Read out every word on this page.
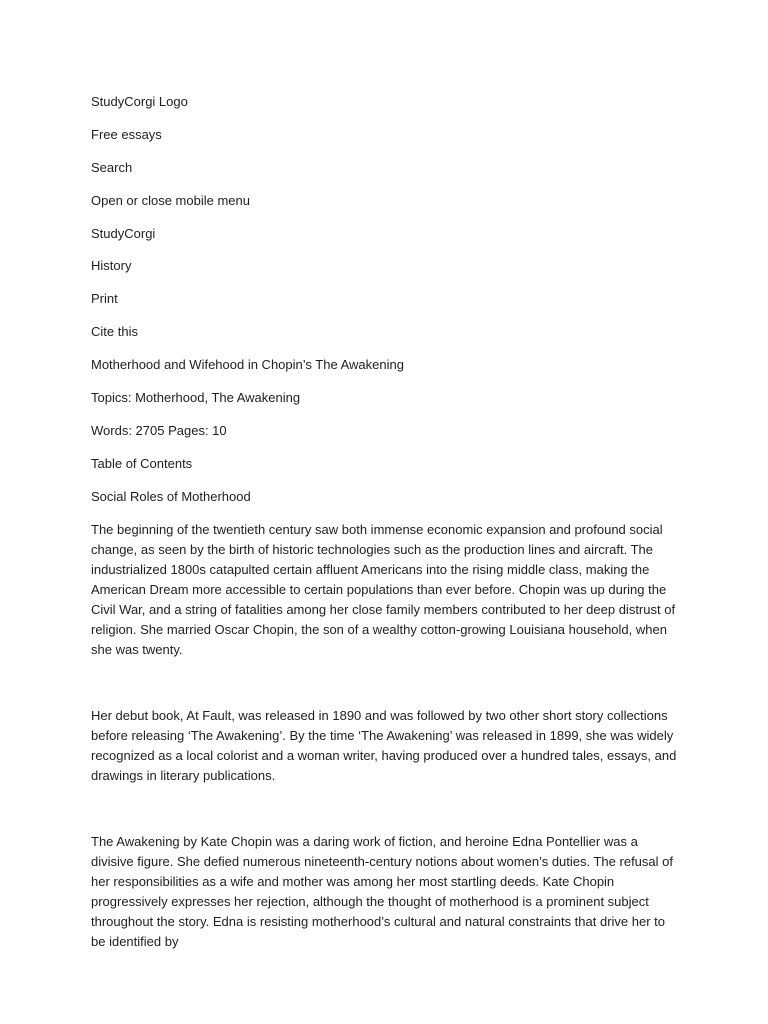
StudyCorgi Logo
Free essays
Search
Open or close mobile menu
StudyCorgi
History
Print
Cite this
Motherhood and Wifehood in Chopin’s The Awakening
Topics: Motherhood, The Awakening
Words: 2705 Pages: 10
Table of Contents
Social Roles of Motherhood

The beginning of the twentieth century saw both immense economic expansion and profound social change, as seen by the birth of historic technologies such as the production lines and aircraft. The industrialized 1800s catapulted certain affluent Americans into the rising middle class, making the American Dream more accessible to certain populations than ever before. Chopin was up during the Civil War, and a string of fatalities among her close family members contributed to her deep distrust of religion. She married Oscar Chopin, the son of a wealthy cotton-growing Louisiana household, when she was twenty.

Her debut book, At Fault, was released in 1890 and was followed by two other short story collections before releasing ‘The Awakening’. By the time ‘The Awakening’ was released in 1899, she was widely recognized as a local colorist and a woman writer, having produced over a hundred tales, essays, and drawings in literary publications.

The Awakening by Kate Chopin was a daring work of fiction, and heroine Edna Pontellier was a divisive figure. She defied numerous nineteenth-century notions about women’s duties. The refusal of her responsibilities as a wife and mother was among her most startling deeds. Kate Chopin progressively expresses her rejection, although the thought of motherhood is a prominent subject throughout the story. Edna is resisting motherhood’s cultural and natural constraints that drive her to be identified by
